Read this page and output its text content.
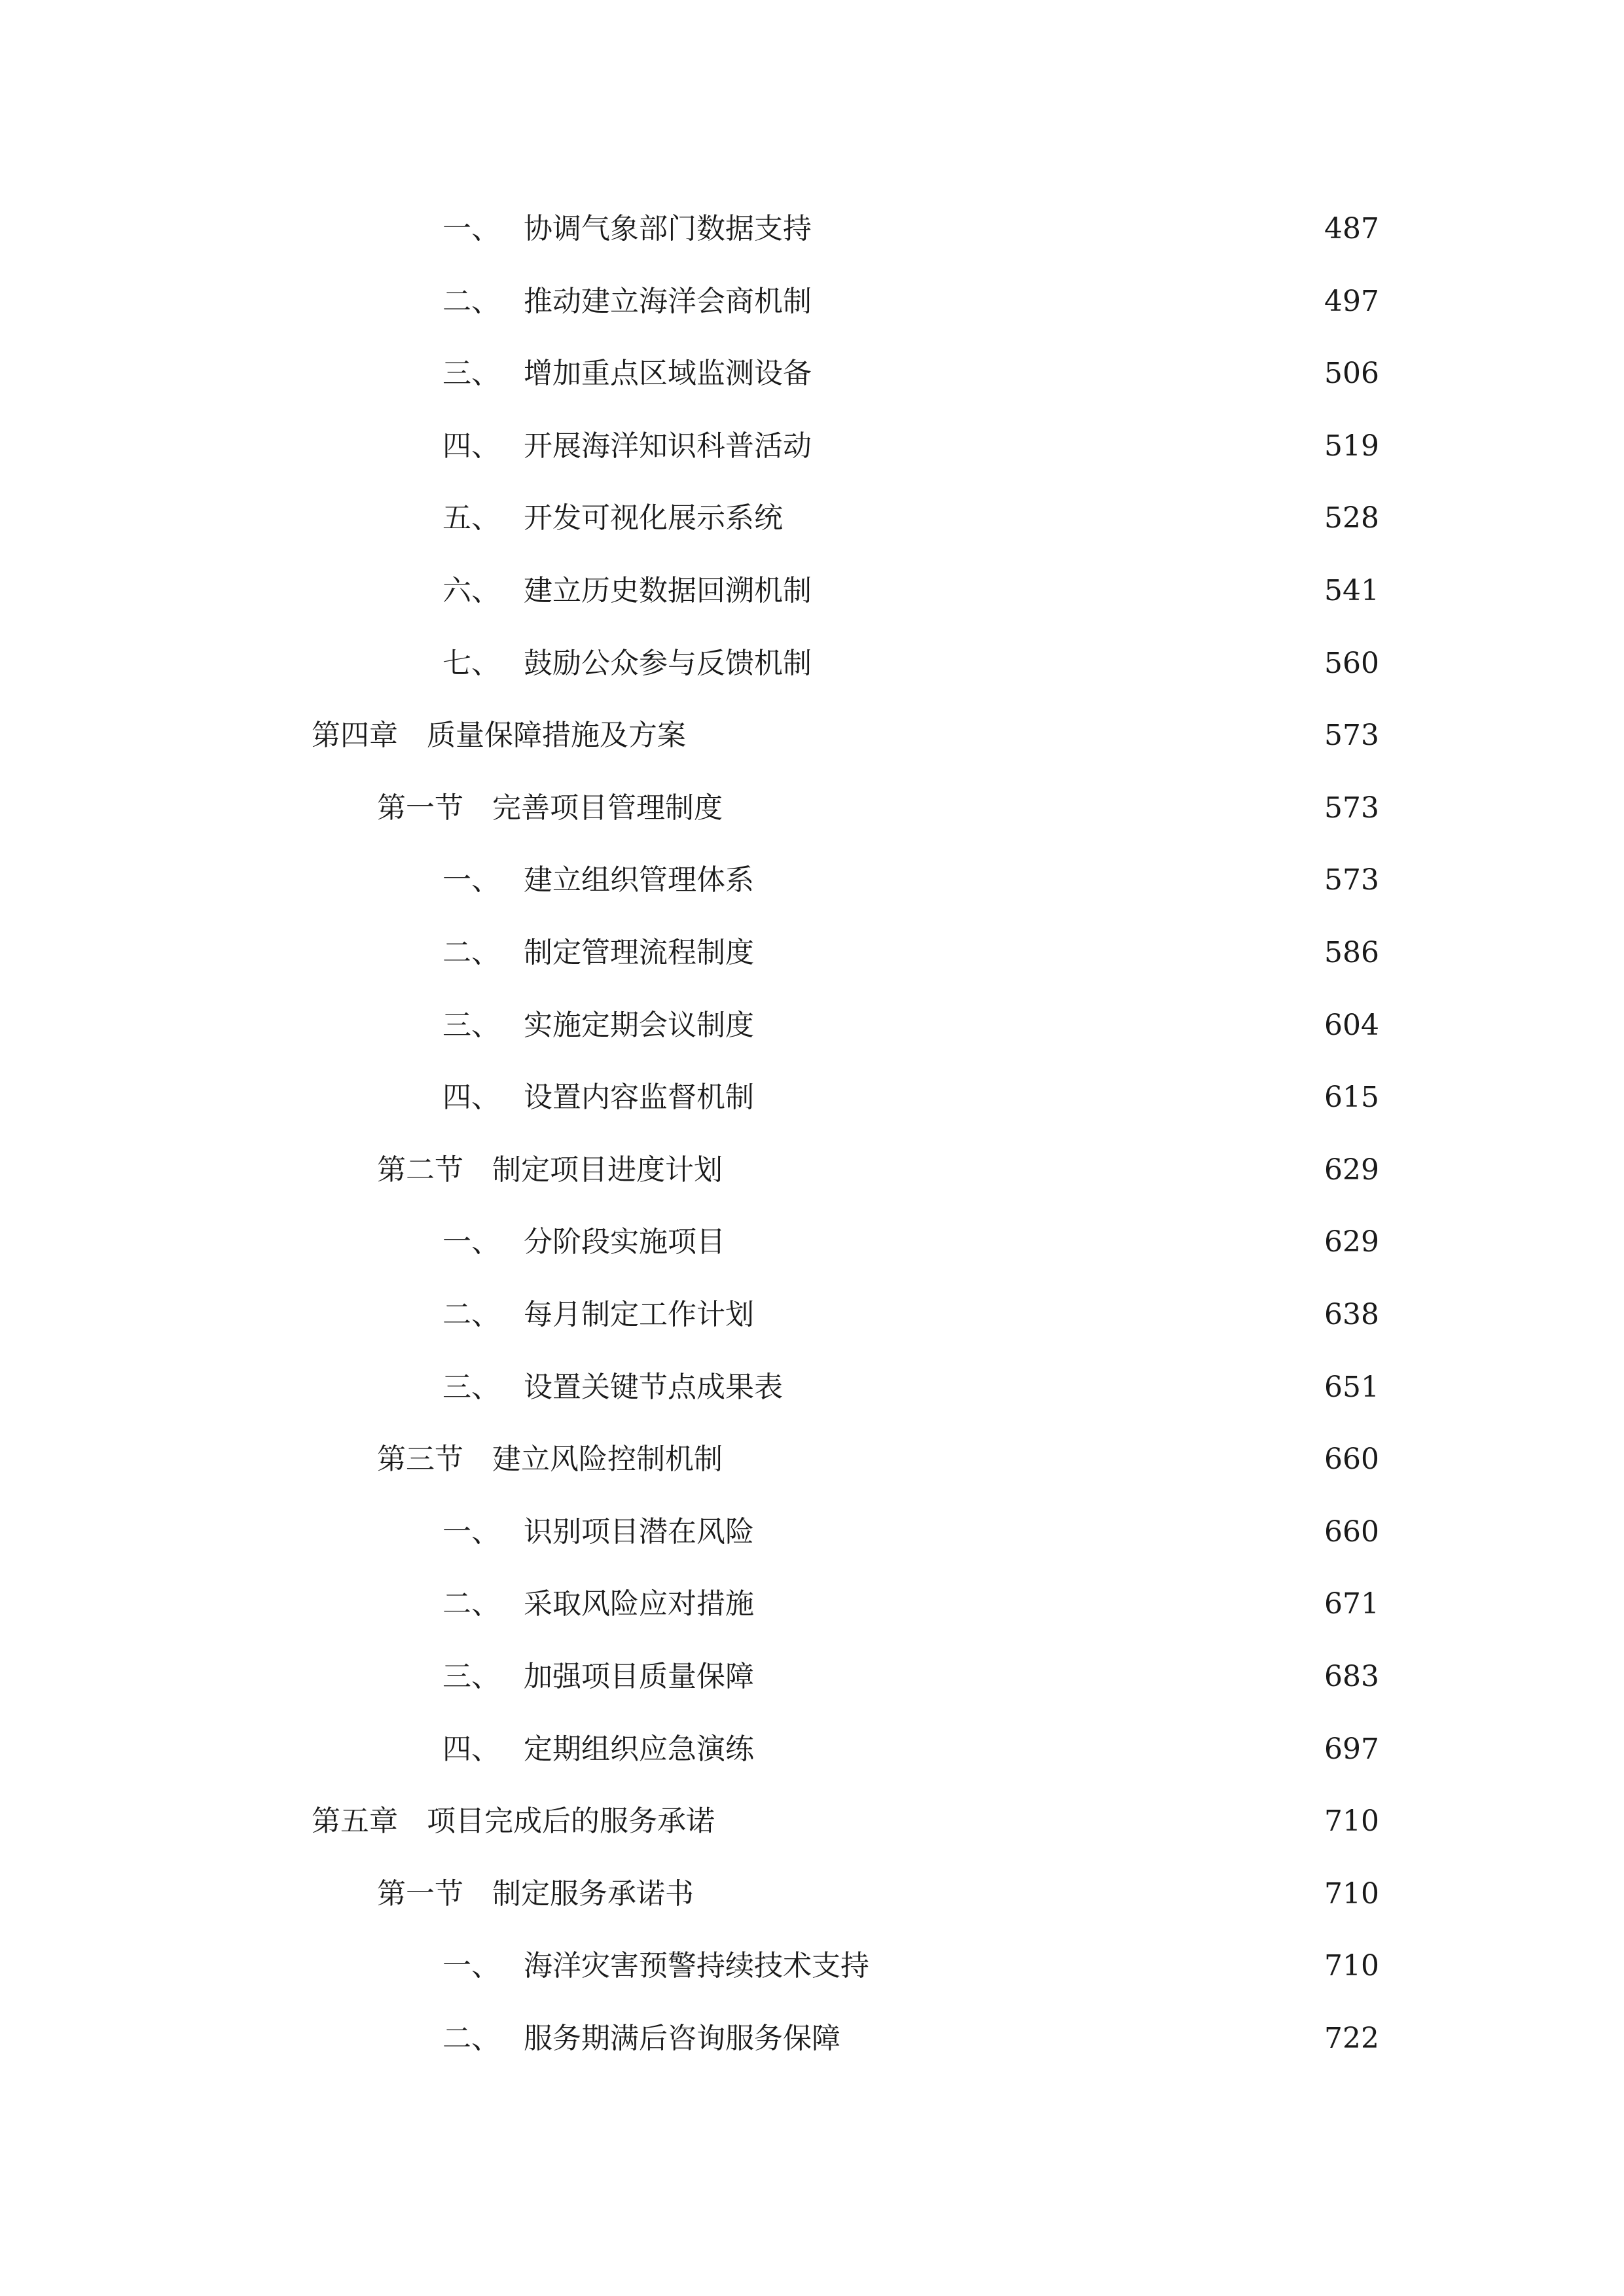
一、 协调气象部门数据支持	487
二、 推动建立海洋会商机制	497
三、 增加重点区域监测设备	506
四、 开展海洋知识科普活动	519
五、 开发可视化展示系统	528
六、 建立历史数据回溯机制	541
七、 鼓励公众参与反馈机制	560
第四章	质量保障措施及方案	573
第一节	完善项目管理制度	573
一、 建立组织管理体系	573
二、 制定管理流程制度	586
三、 实施定期会议制度	604
四、 设置内容监督机制	615
第二节	制定项目进度计划	629
一、 分阶段实施项目	629
二、 每月制定工作计划	638
三、 设置关键节点成果表	651
第三节	建立风险控制机制	660
一、 识别项目潜在风险	660
二、 采取风险应对措施	671
三、 加强项目质量保障	683
四、 定期组织应急演练	697
第五章	项目完成后的服务承诺	710
第一节	制定服务承诺书	710
一、 海洋灾害预警持续技术支持	710
二、 服务期满后咨询服务保障	722
